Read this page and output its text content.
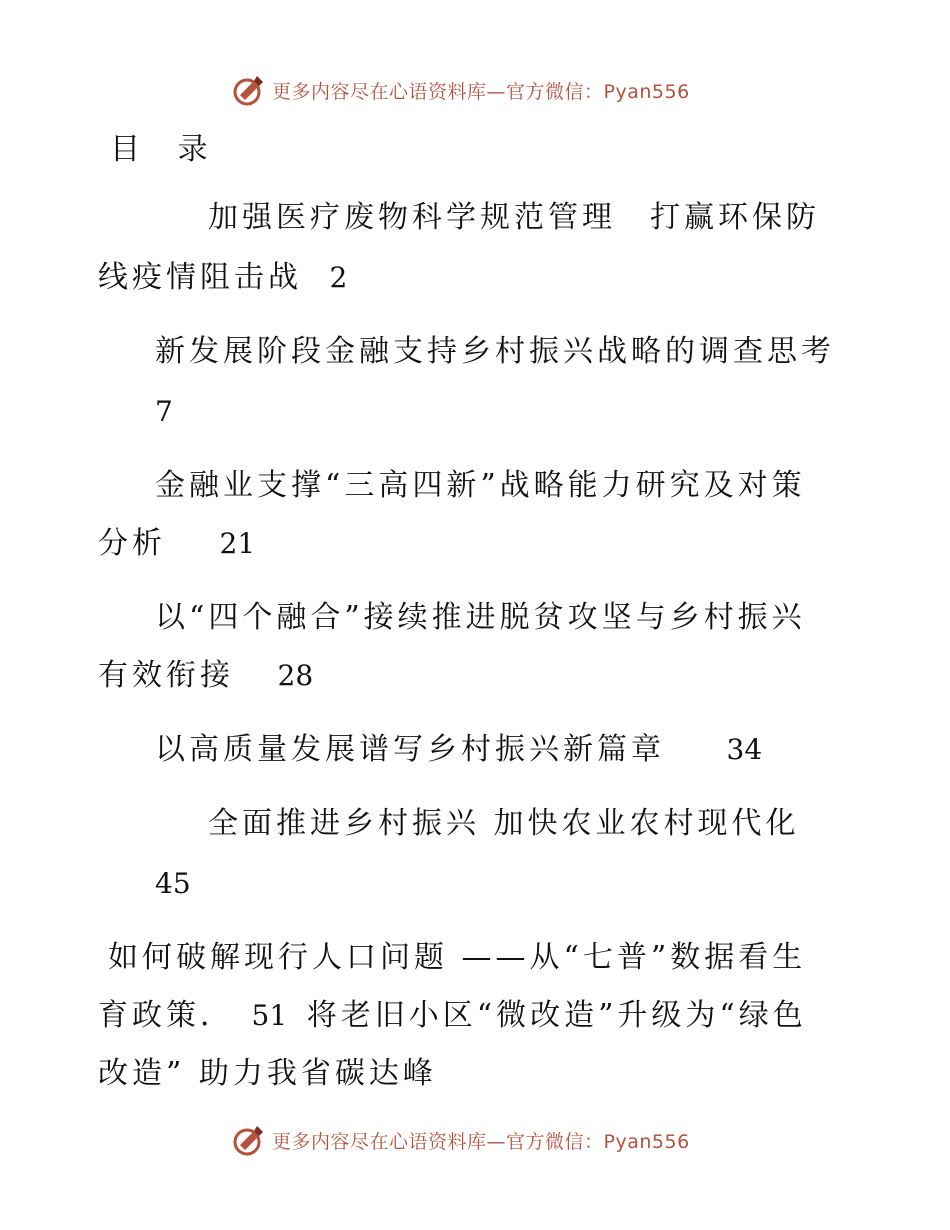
更多内容尽在心语资料库—官方微信：Pyan556
目 录
加强医疗废物科学规范管理　打赢环保防
线疫情阻击战 2
新发展阶段金融支持乡村振兴战略的调查思考
7
金融业支撑“三高四新”战略能力研究及对策
分析 21
以“四个融合”接续推进脱贫攻坚与乡村振兴
有效衔接 28
以高质量发展谱写乡村振兴新篇章 34
全面推进乡村振兴 加快农业农村现代化
45
如何破解现行人口问题 ——从“七普”数据看生
育政策． 51 将老旧小区“微改造”升级为“绿色
改造” 助力我省碳达峰
更多内容尽在心语资料库—官方微信：Pyan556
